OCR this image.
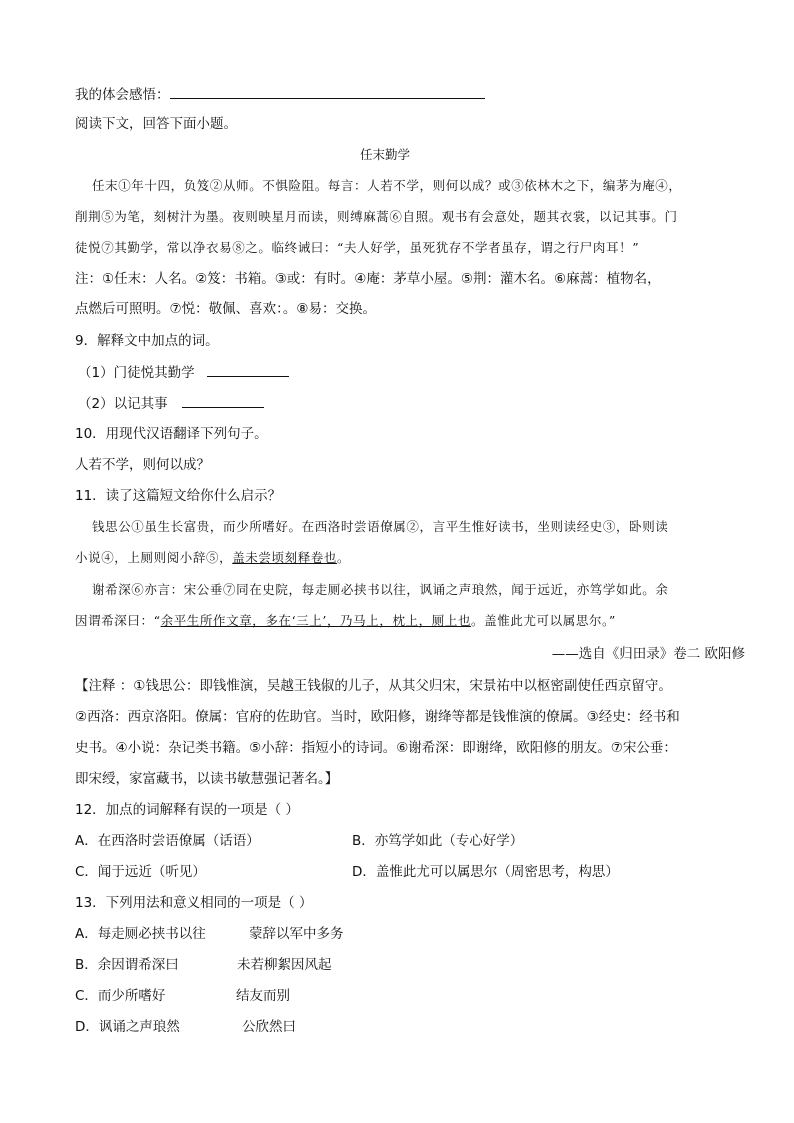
我的体会感悟：
阅读下文，回答下面小题。
任末勤学
任末①年十四，负笈②从师。不惧险阻。每言：人若不学，则何以成？或③依林木之下，编茅为庵④，
削荆⑤为笔，刻树汁为墨。夜则映星月而读，则缚麻蒿⑥自照。观书有会意处，题其衣裳，以记其事。门
徒悦⑦其勤学，常以净衣易⑧之。临终诫曰：“夫人好学，虽死犹存不学者虽存，谓之行尸肉耳！”
注：①任末：人名。②笈：书箱。③或：有时。④庵：茅草小屋。⑤荆：灌木名。⑥麻蒿：植物名，
点燃后可照明。⑦悦：敬佩、喜欢：。⑧易：交换。
9．解释文中加点的词。
（1）门徒悦其勤学
（2）以记其事
10．用现代汉语翻译下列句子。
人若不学，则何以成？
11．读了这篇短文给你什么启示？
钱思公①虽生长富贵，而少所嗜好。在西洛时尝语僚属②，言平生惟好读书，坐则读经史③，卧则读
小说④，上厕则阅小辞⑤，盖未尝顷刻释卷也。
谢希深⑥亦言：宋公垂⑦同在史院，每走厕必挟书以往，讽诵之声琅然，闻于远近，亦笃学如此。余
因谓希深曰：“余平生所作文章，多在‘三上’，乃马上，枕上，厕上也。盖惟此尤可以属思尔。”
——选自《归田录》卷二 欧阳修
【注释 ：①钱思公：即钱惟演，吴越王钱俶的儿子，从其父归宋，宋景祐中以枢密副使任西京留守。
②西洛：西京洛阳。僚属：官府的佐助官。当时，欧阳修，谢绛等都是钱惟演的僚属。③经史：经书和
史书。④小说：杂记类书籍。⑤小辞：指短小的诗词。⑥谢希深：即谢绛，欧阳修的朋友。⑦宋公垂：
即宋绶，家富藏书，以读书敏慧强记著名。】
12．加点的词解释有误的一项是（ ）
A．在西洛时尝语僚属（话语）	B．亦笃学如此（专心好学）
C．闻于远近（听见）	D．盖惟此尤可以属思尔（周密思考，构思）
13．下列用法和意义相同的一项是（ ）
A．每走厕必挟书以往	蒙辞以军中多务
B．余因谓希深曰	未若柳絮因风起
C．而少所嗜好	结友而别
D．讽诵之声琅然	公欣然曰
